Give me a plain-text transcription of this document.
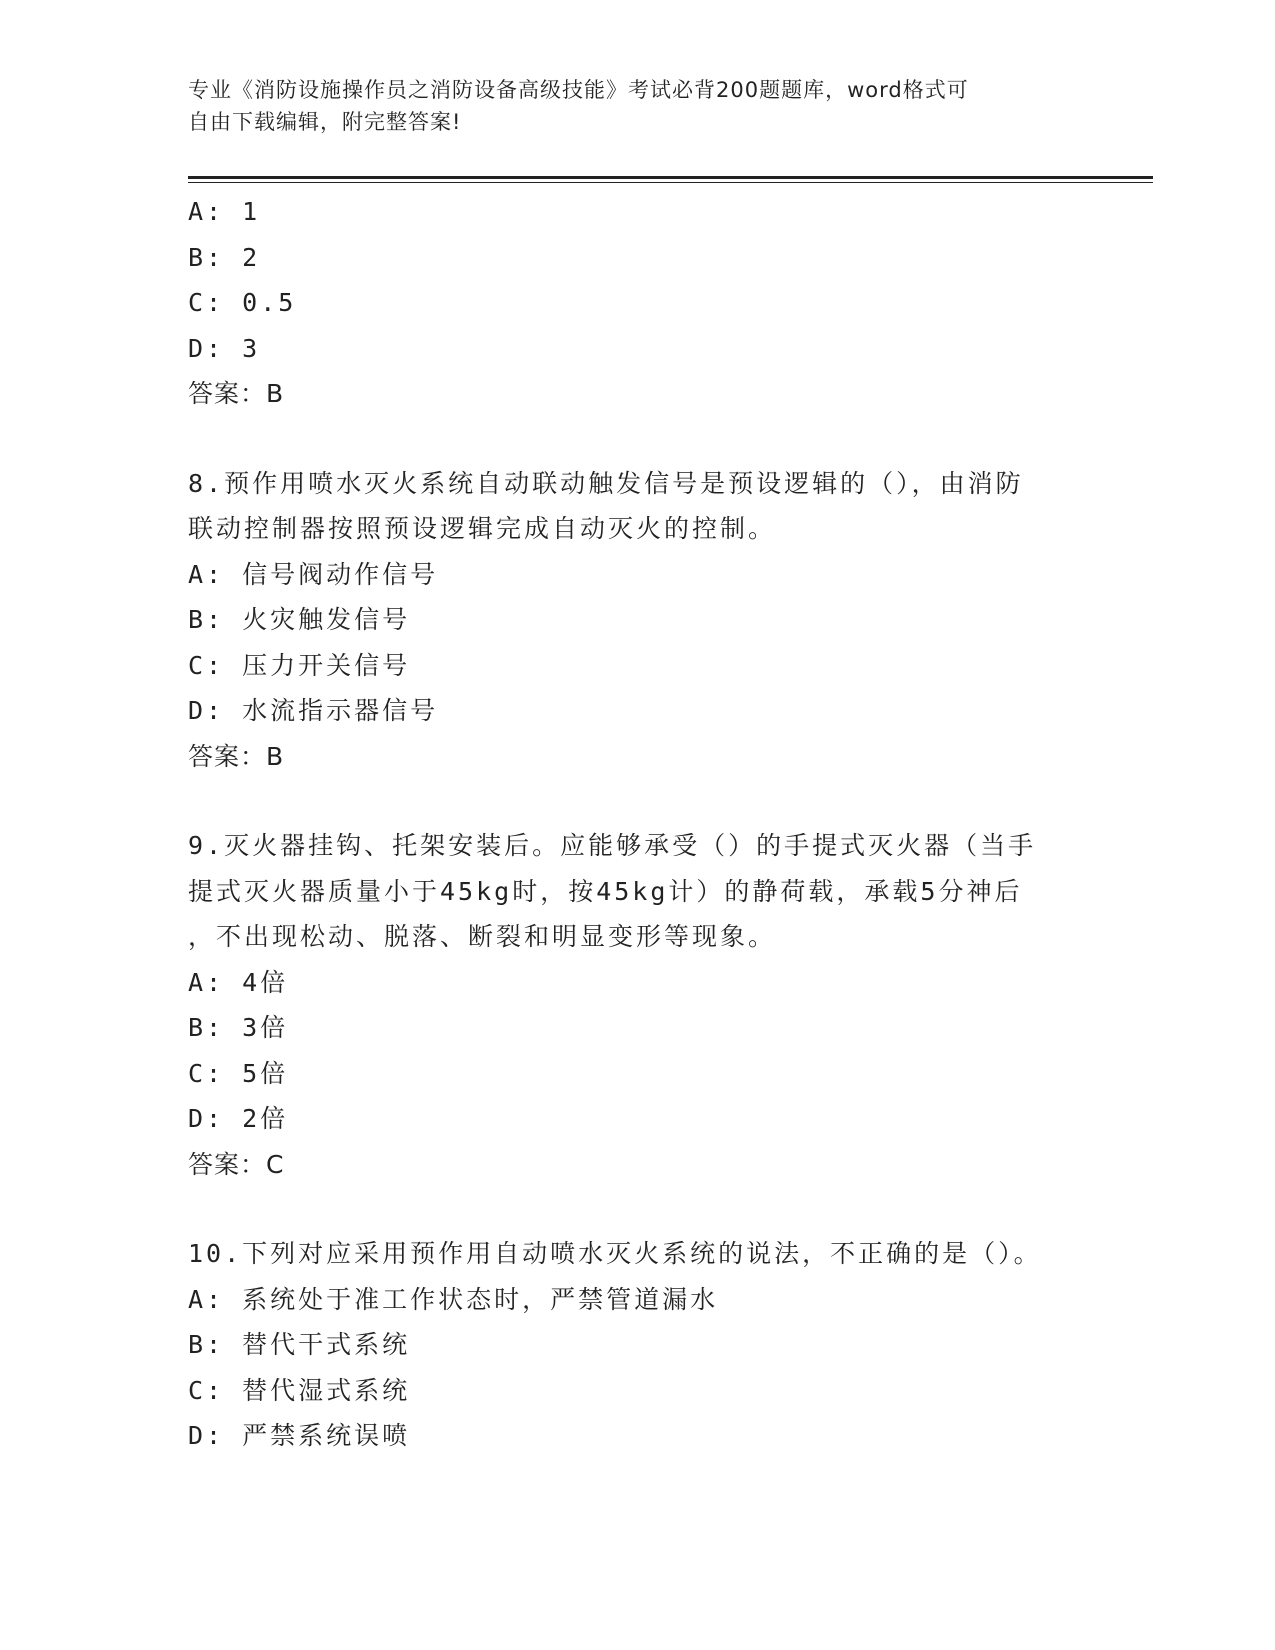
专业《消防设施操作员之消防设备高级技能》考试必背200题题库，word格式可
自由下载编辑，附完整答案!
A: 1
B: 2
C: 0.5
D: 3
答案：B
8.预作用喷水灭火系统自动联动触发信号是预设逻辑的（），由消防
联动控制器按照预设逻辑完成自动灭火的控制。
A: 信号阀动作信号
B: 火灾触发信号
C: 压力开关信号
D: 水流指示器信号
答案：B
9.灭火器挂钩、托架安装后。应能够承受（）的手提式灭火器（当手
提式灭火器质量小于45kg时，按45kg计）的静荷载，承载5分神后
，不出现松动、脱落、断裂和明显变形等现象。
A: 4倍
B: 3倍
C: 5倍
D: 2倍
答案：C
10.下列对应采用预作用自动喷水灭火系统的说法，不正确的是（）。
A: 系统处于准工作状态时，严禁管道漏水
B: 替代干式系统
C: 替代湿式系统
D: 严禁系统误喷
